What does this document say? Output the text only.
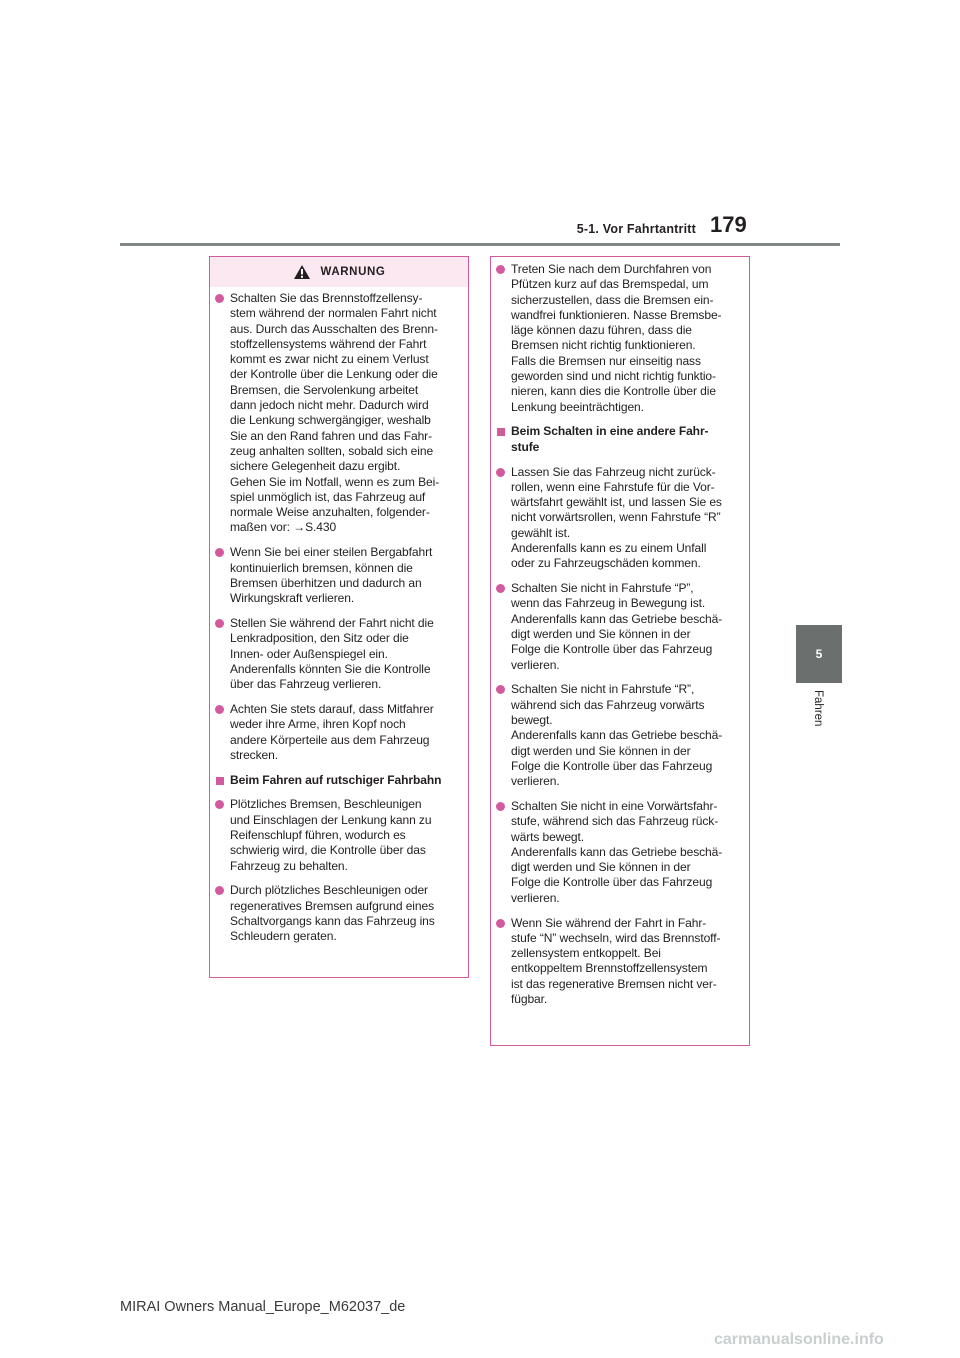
5-1. Vor Fahrtantritt 179
5
Fahren
WARNUNG
Schalten Sie das Brennstoffzellensy-
stem während der normalen Fahrt nicht
aus. Durch das Ausschalten des Brenn-
stoffzellensystems während der Fahrt
kommt es zwar nicht zu einem Verlust
der Kontrolle über die Lenkung oder die
Bremsen, die Servolenkung arbeitet
dann jedoch nicht mehr. Dadurch wird
die Lenkung schwergängiger, weshalb
Sie an den Rand fahren und das Fahr-
zeug anhalten sollten, sobald sich eine
sichere Gelegenheit dazu ergibt.
Gehen Sie im Notfall, wenn es zum Bei-
spiel unmöglich ist, das Fahrzeug auf
normale Weise anzuhalten, folgender-
maßen vor: →S.430
Wenn Sie bei einer steilen Bergabfahrt
kontinuierlich bremsen, können die
Bremsen überhitzen und dadurch an
Wirkungskraft verlieren.
Stellen Sie während der Fahrt nicht die
Lenkradposition, den Sitz oder die
Innen- oder Außenspiegel ein.
Anderenfalls könnten Sie die Kontrolle
über das Fahrzeug verlieren.
Achten Sie stets darauf, dass Mitfahrer
weder ihre Arme, ihren Kopf noch
andere Körperteile aus dem Fahrzeug
strecken.
Beim Fahren auf rutschiger Fahrbahn
Plötzliches Bremsen, Beschleunigen
und Einschlagen der Lenkung kann zu
Reifenschlupf führen, wodurch es
schwierig wird, die Kontrolle über das
Fahrzeug zu behalten.
Durch plötzliches Beschleunigen oder
regeneratives Bremsen aufgrund eines
Schaltvorgangs kann das Fahrzeug ins
Schleudern geraten.
Treten Sie nach dem Durchfahren von
Pfützen kurz auf das Bremspedal, um
sicherzustellen, dass die Bremsen ein-
wandfrei funktionieren. Nasse Bremsbe-
läge können dazu führen, dass die
Bremsen nicht richtig funktionieren.
Falls die Bremsen nur einseitig nass
geworden sind und nicht richtig funktio-
nieren, kann dies die Kontrolle über die
Lenkung beeinträchtigen.
Beim Schalten in eine andere Fahr-
stufe
Lassen Sie das Fahrzeug nicht zurück-
rollen, wenn eine Fahrstufe für die Vor-
wärtsfahrt gewählt ist, und lassen Sie es
nicht vorwärtsrollen, wenn Fahrstufe “R”
gewählt ist.
Anderenfalls kann es zu einem Unfall
oder zu Fahrzeugschäden kommen.
Schalten Sie nicht in Fahrstufe “P”,
wenn das Fahrzeug in Bewegung ist.
Anderenfalls kann das Getriebe beschä-
digt werden und Sie können in der
Folge die Kontrolle über das Fahrzeug
verlieren.
Schalten Sie nicht in Fahrstufe “R”,
während sich das Fahrzeug vorwärts
bewegt.
Anderenfalls kann das Getriebe beschä-
digt werden und Sie können in der
Folge die Kontrolle über das Fahrzeug
verlieren.
Schalten Sie nicht in eine Vorwärtsfahr-
stufe, während sich das Fahrzeug rück-
wärts bewegt.
Anderenfalls kann das Getriebe beschä-
digt werden und Sie können in der
Folge die Kontrolle über das Fahrzeug
verlieren.
Wenn Sie während der Fahrt in Fahr-
stufe “N” wechseln, wird das Brennstoff-
zellensystem entkoppelt. Bei
entkoppeltem Brennstoffzellensystem
ist das regenerative Bremsen nicht ver-
fügbar.
MIRAI Owners Manual_Europe_M62037_de
carmanualsonline.info
